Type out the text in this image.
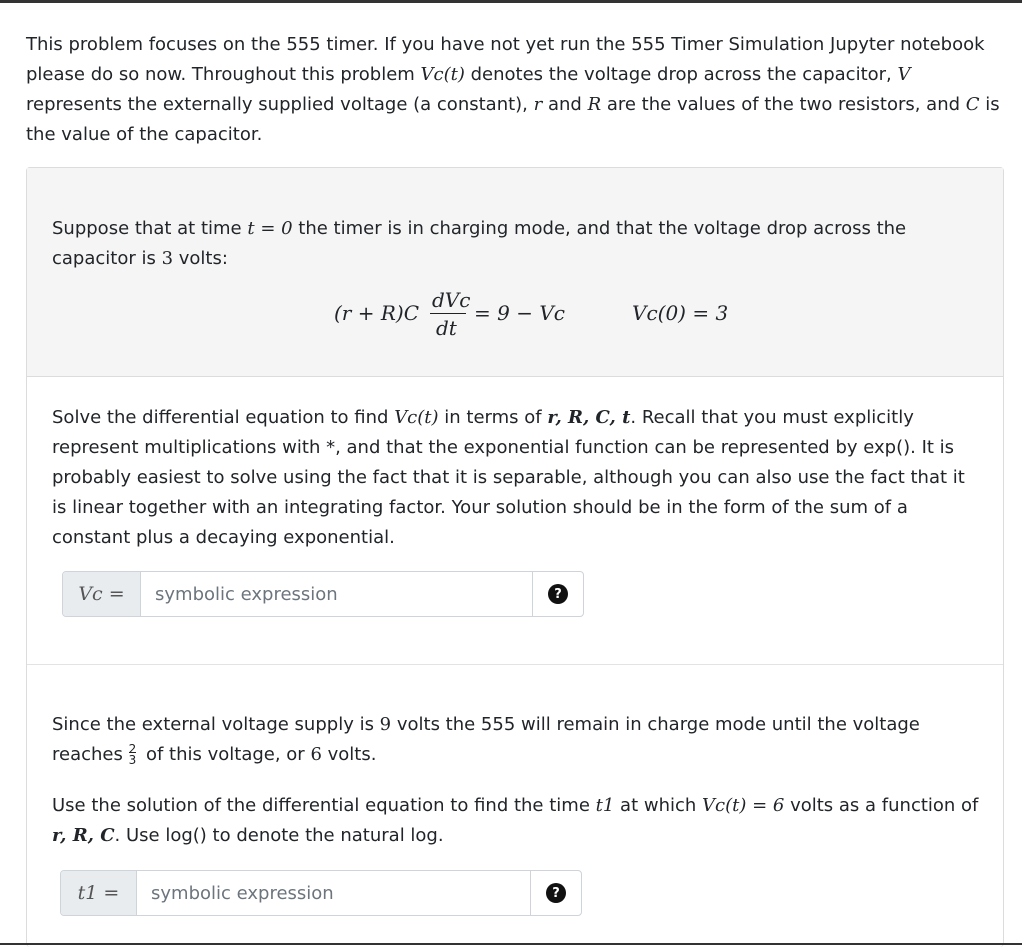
This problem focuses on the 555 timer. If you have not yet run the 555 Timer Simulation Jupyter notebook please do so now. Throughout this problem Vc(t) denotes the voltage drop across the capacitor, V represents the externally supplied voltage (a constant), r and R are the values of the two resistors, and C is the value of the capacitor.

Suppose that at time t = 0 the timer is in charging mode, and that the voltage drop across the capacitor is 3 volts:

(r + R)C
dVc
dt
= 9 − Vc	Vc(0) = 3

Solve the differential equation to find Vc(t) in terms of r, R, C, t. Recall that you must explicitly represent multiplications with *, and that the exponential function can be represented by exp(). It is probably easiest to solve using the fact that it is separable, although you can also use the fact that it is linear together with an integrating factor. Your solution should be in the form of the sum of a constant plus a decaying exponential.

Vc =
symbolic expression	?

Since the external voltage supply is 9 volts the 555 will remain in charge mode until the voltage reaches 2
3 of this voltage, or 6 volts.

Use the solution of the differential equation to find the time t1 at which Vc(t) = 6 volts as a function of r, R, C. Use log() to denote the natural log.

t1 =
symbolic expression	?
